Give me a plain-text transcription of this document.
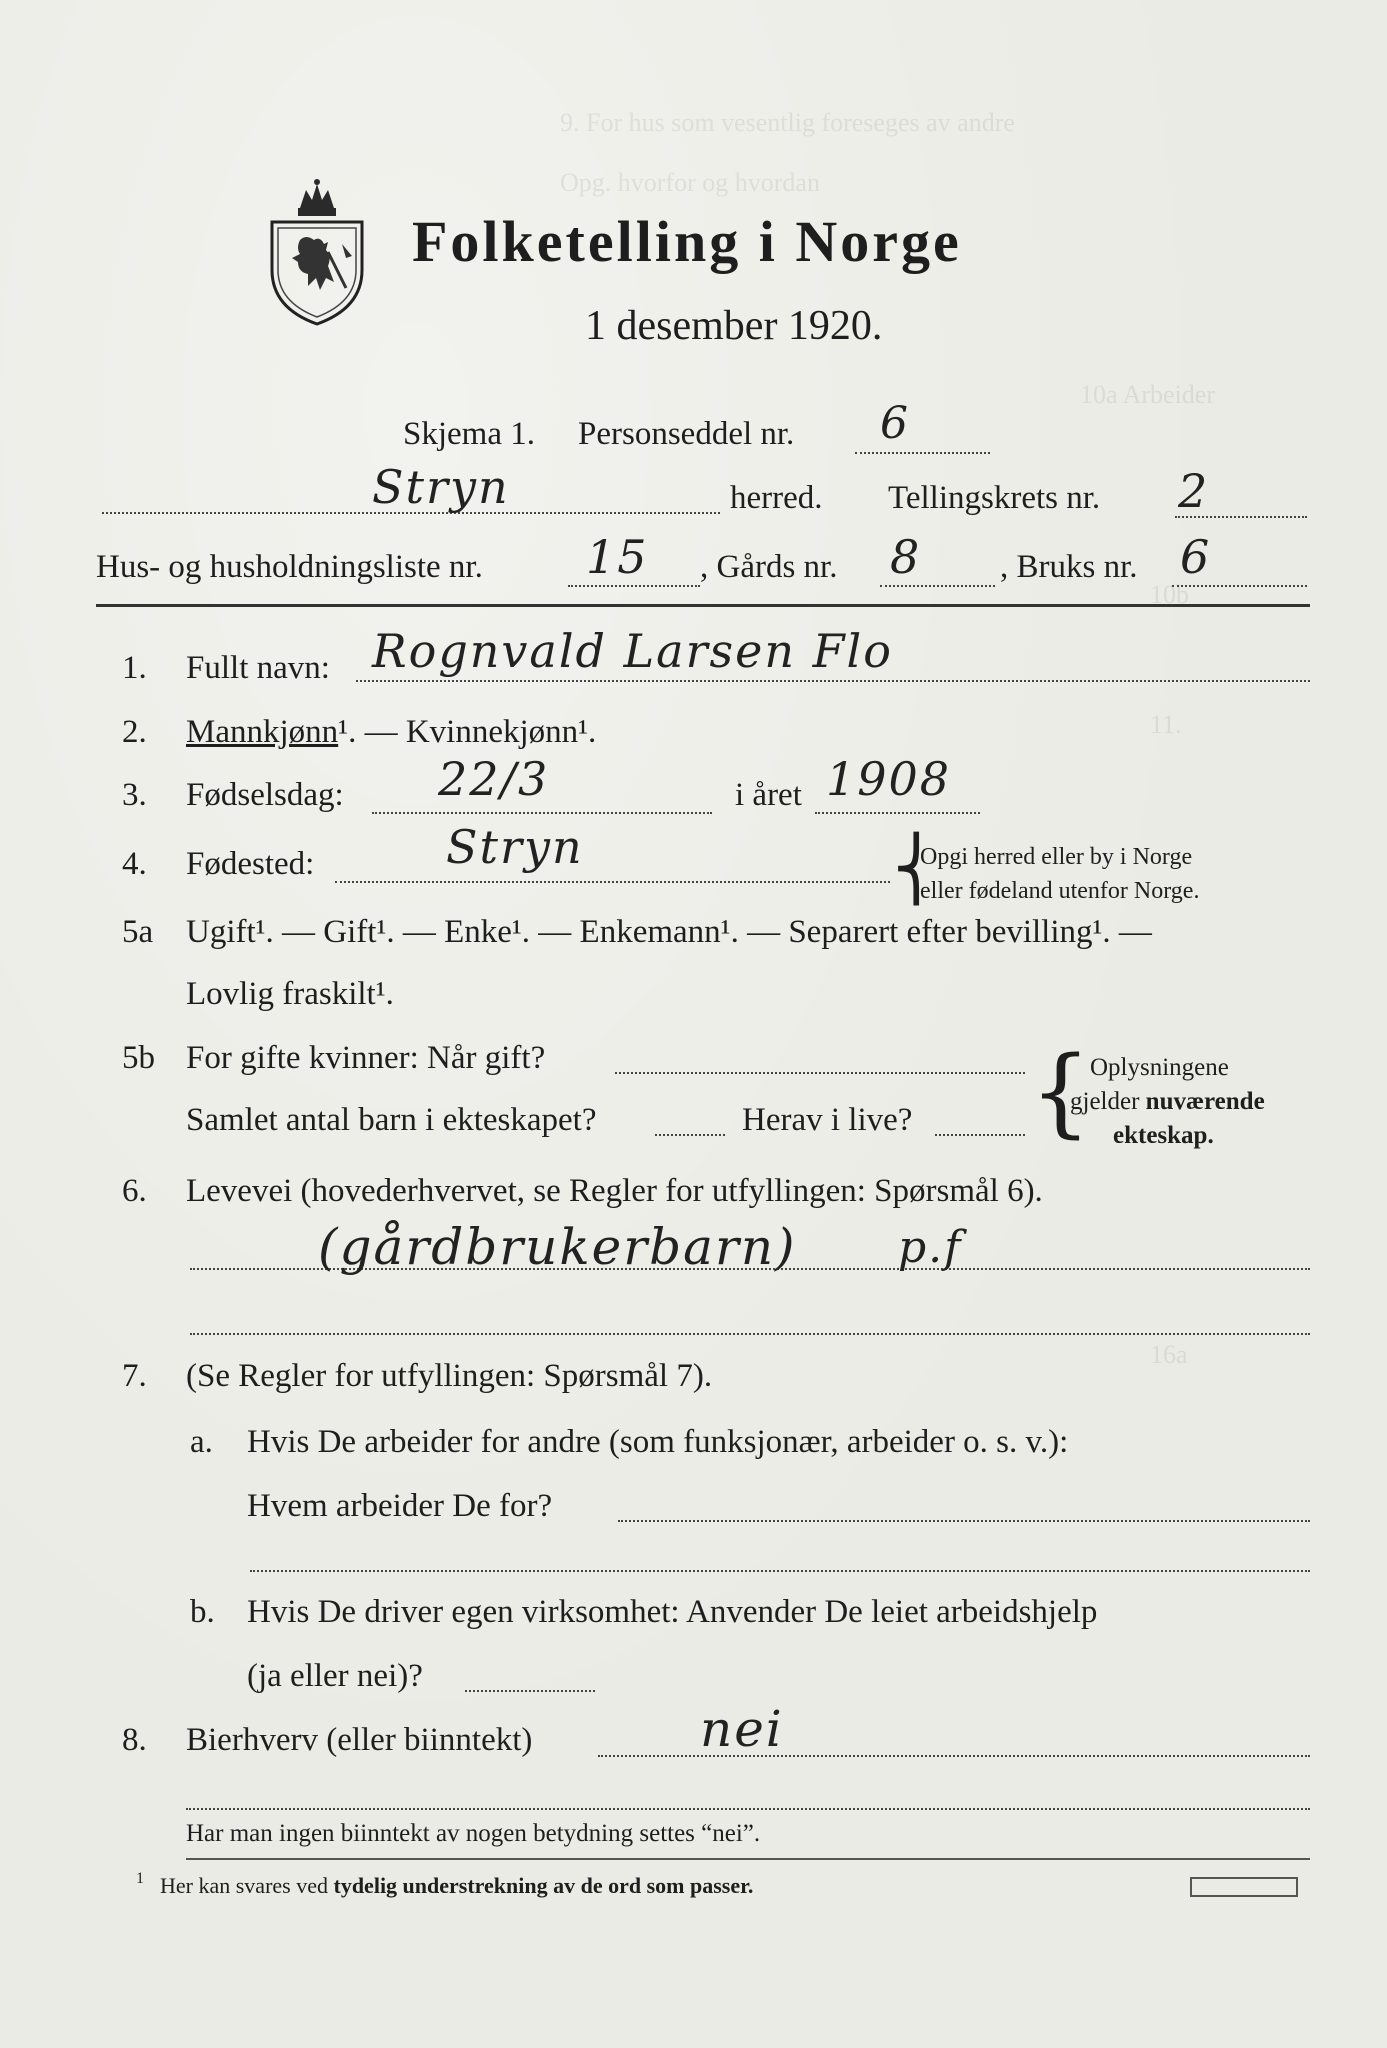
9. For hus som vesentlig foreseges av andre
Opg. hvorfor og hvordan
10a Arbeider
10b
11.
16a
Folketelling i Norge
1 desember 1920.
Skjema 1. Personseddel nr. 6
Stryn	herred. Tellingskrets nr. 2
Hus- og husholdningsliste nr. 15 , Gårds nr. 8 , Bruks nr. 6
1. Fullt navn: Rognvald Larsen Flo
2. Mannkjønn¹. — Kvinnekjønn¹.
3. Fødselsdag: 22/3	i året 1908
4. Fødested:	Stryn	⎨
Opgi herred eller by i Norge
eller fødeland utenfor Norge.
5a Ugift¹. — Gift¹. — Enke¹. — Enkemann¹. — Separert efter bevilling¹. —
Lovlig fraskilt¹.
5b For gifte kvinner: Når gift?
Samlet antal barn i ekteskapet?	Herav i live? {
Oplysningene
gjelder nuværende
ekteskap.
6. Levevei (hovederhvervet, se Regler for utfyllingen: Spørsmål 6).
(gårdbrukerbarn) p.f
7. (Se Regler for utfyllingen: Spørsmål 7).
a. Hvis De arbeider for andre (som funksjonær, arbeider o. s. v.):
Hvem arbeider De for?
b. Hvis De driver egen virksomhet: Anvender De leiet arbeidshjelp
(ja eller nei)?
8. Bierhverv (eller biinntekt)	nei
Har man ingen biinntekt av nogen betydning settes “nei”.
1 Her kan svares ved tydelig understrekning av de ord som passer.
